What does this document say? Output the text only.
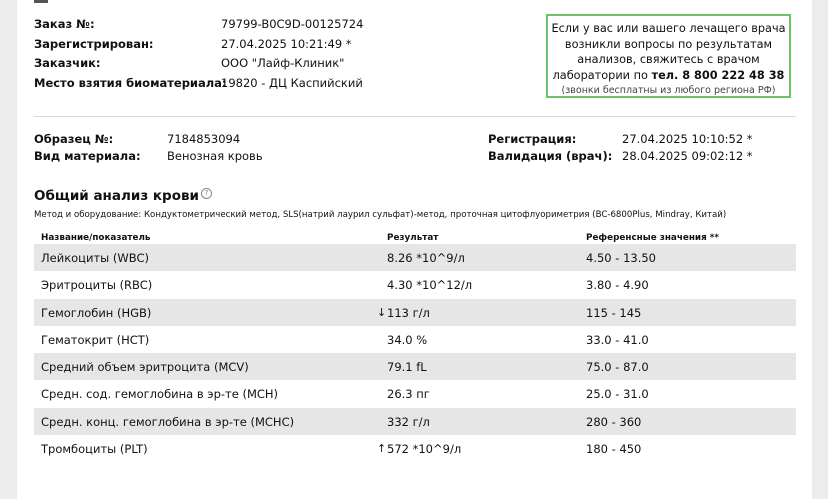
Заказ №:	79799-B0C9D-00125724
Зарегистрирован:	27.04.2025 10:21:49 *
Заказчик:	ООО "Лайф-Клиник"
Место взятия биоматериала:
19820 - ДЦ Каспийский
Если у вас или вашего лечащего врача
возникли вопросы по результатам
анализов, свяжитесь с врачом
лаборатории по тел. 8 800 222 48 38
(звонки бесплатны из любого региона РФ)
Образец №:	7184853094
Вид материала: Венозная кровь
Регистрация:	27.04.2025 10:10:52 *
Валидация (врач): 28.04.2025 09:02:12 *
Общий анализ крови ?
Метод и оборудование: Кондуктометрический метод, SLS(натрий лаурил сульфат)-метод, проточная цитофлуориметрия (BC-6800Plus, Mindray, Китай)
Название/показатель	Результат	Референсные значения **
Лейкоциты (WBC)	8.26 *10^9/л	4.50 - 13.50
Эритроциты (RBC)	4.30 *10^12/л	3.80 - 4.90
Гемоглобин (HGB)	↓ 113 г/л	115 - 145
Гематокрит (HCT)	34.0 %	33.0 - 41.0
Средний объем эритроцита (MCV)	79.1 fL	75.0 - 87.0
Средн. сод. гемоглобина в эр-те (MCH)	26.3 пг	25.0 - 31.0
Средн. конц. гемоглобина в эр-те (MCHC)	332 г/л	280 - 360
Тромбоциты (PLT)	↑ 572 *10^9/л	180 - 450
